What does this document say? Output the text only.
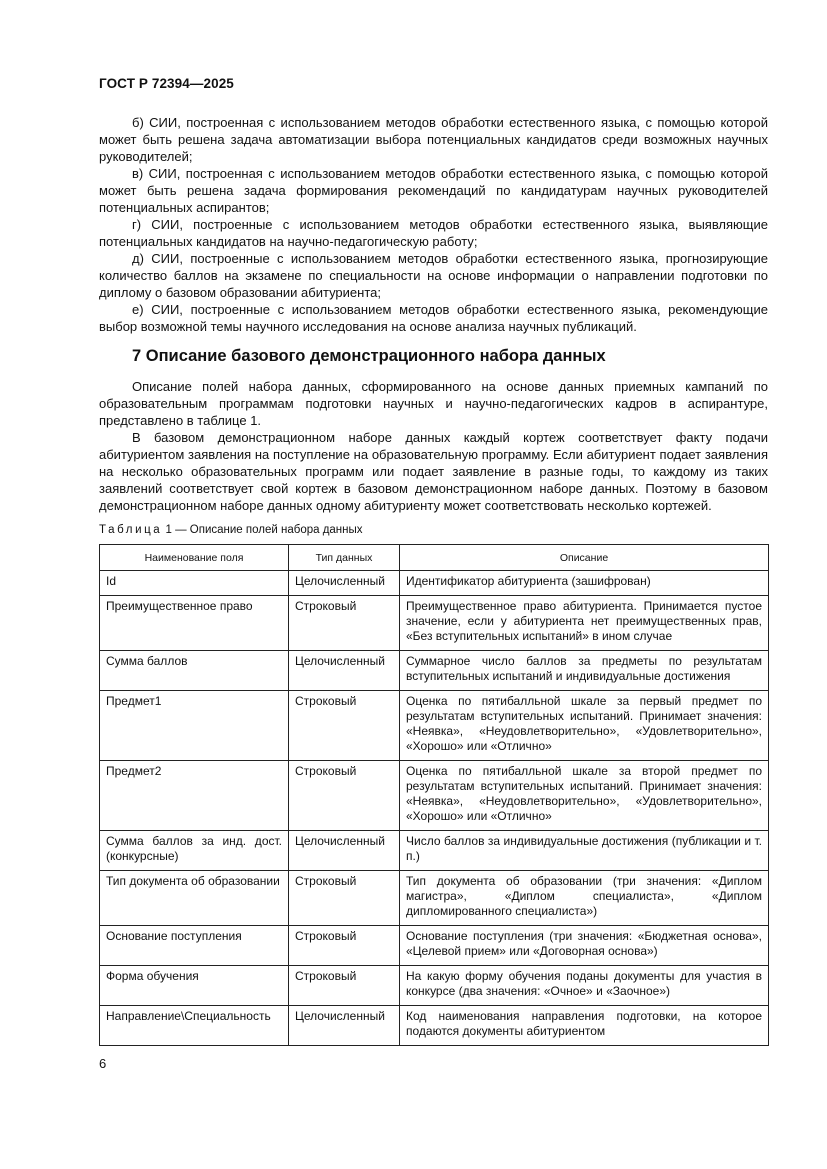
ГОСТ Р 72394—2025

б) СИИ, построенная с использованием методов обработки естественного языка, с помощью которой может быть решена задача автоматизации выбора потенциальных кандидатов среди возможных научных руководителей;

в) СИИ, построенная с использованием методов обработки естественного языка, с помощью которой может быть решена задача формирования рекомендаций по кандидатурам научных руководителей потенциальных аспирантов;

г) СИИ, построенные с использованием методов обработки естественного языка, выявляющие потенциальных кандидатов на научно-педагогическую работу;

д) СИИ, построенные с использованием методов обработки естественного языка, прогнозирующие количество баллов на экзамене по специальности на основе информации о направлении подготовки по диплому о базовом образовании абитуриента;

е) СИИ, построенные с использованием методов обработки естественного языка, рекомендующие выбор возможной темы научного исследования на основе анализа научных публикаций.

7 Описание базового демонстрационного набора данных

Описание полей набора данных, сформированного на основе данных приемных кампаний по образовательным программам подготовки научных и научно-педагогических кадров в аспирантуре, представлено в таблице 1.

В базовом демонстрационном наборе данных каждый кортеж соответствует факту подачи абитуриентом заявления на поступление на образовательную программу. Если абитуриент подает заявления на несколько образовательных программ или подает заявление в разные годы, то каждому из таких заявлений соответствует свой кортеж в базовом демонстрационном наборе данных. Поэтому в базовом демонстрационном наборе данных одному абитуриенту может соответствовать несколько кортежей.

Таблица 1 — Описание полей набора данных
Наименование поля	Тип данных	Описание
Id	Целочисленный	Идентификатор абитуриента (зашифрован)
Преимущественное право	Строковый	Преимущественное право абитуриента. Принимается пустое значение, если у абитуриента нет преимущественных прав, «Без вступительных испытаний» в ином случае
Сумма баллов	Целочисленный	Суммарное число баллов за предметы по результатам вступительных испытаний и индивидуальные достижения
Предмет1	Строковый	Оценка по пятибалльной шкале за первый предмет по результатам вступительных испытаний. Принимает значения: «Неявка», «Неудовлетворительно», «Удовлетворительно», «Хорошо» или «Отлично»
Предмет2	Строковый	Оценка по пятибалльной шкале за второй предмет по результатам вступительных испытаний. Принимает значения: «Неявка», «Неудовлетворительно», «Удовлетворительно», «Хорошо» или «Отлично»
Сумма баллов за инд. дост. (конкурсные)	Целочисленный	Число баллов за индивидуальные достижения (публикации и т. п.)
Тип документа об образовании	Строковый	Тип документа об образовании (три значения: «Диплом магистра», «Диплом специалиста», «Диплом дипломированного специалиста»)
Основание поступления	Строковый	Основание поступления (три значения: «Бюджетная основа», «Целевой прием» или «Договорная основа»)
Форма обучения	Строковый	На какую форму обучения поданы документы для участия в конкурсе (два значения: «Очное» и «Заочное»)
Направление\Специальность	Целочисленный	Код наименования направления подготовки, на которое подаются документы абитуриентом
6
